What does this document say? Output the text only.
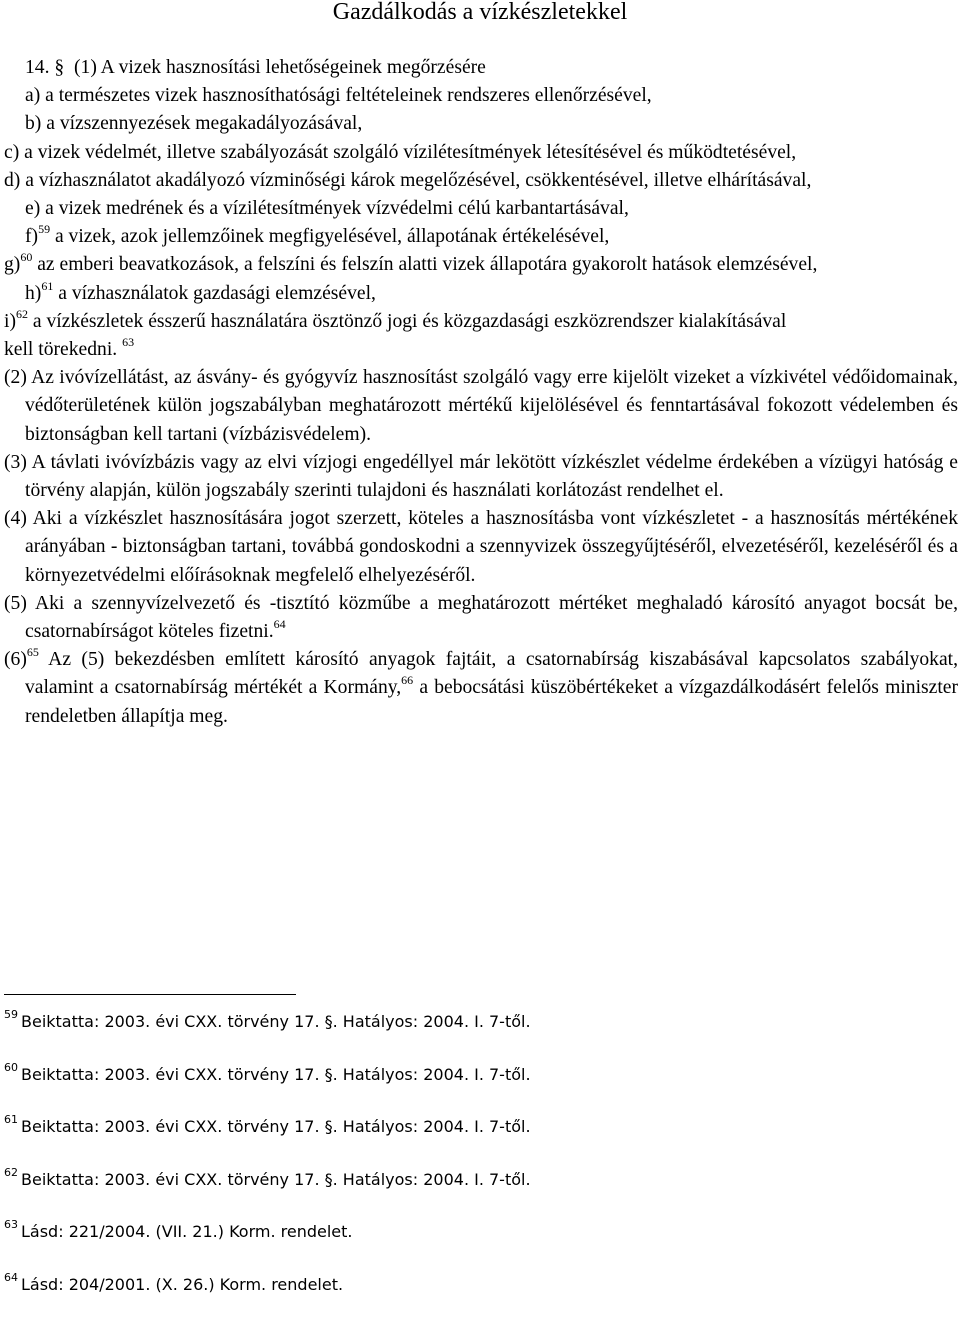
Gazdálkodás a vízkészletekkel

14. § (1) A vizek hasznosítási lehetőségeinek megőrzésére

a) a természetes vizek hasznosíthatósági feltételeinek rendszeres ellenőrzésével,

b) a vízszennyezések megakadályozásával,

c) a vizek védelmét, illetve szabályozását szolgáló vízilétesítmények létesítésével és működtetésével,

d) a vízhasználatot akadályozó vízminőségi károk megelőzésével, csökkentésével, illetve elhárításával,

e) a vizek medrének és a vízilétesítmények vízvédelmi célú karbantartásával,

f)$^{59}$ a vizek, azok jellemzőinek megfigyelésével, állapotának értékelésével,

g)$^{60}$ az emberi beavatkozások, a felszíni és felszín alatti vizek állapotára gyakorolt hatások elemzésével,

h)$^{61}$ a vízhasználatok gazdasági elemzésével,

i)$^{62}$ a vízkészletek ésszerű használatára ösztönző jogi és közgazdasági eszközrendszer kialakításával

kell törekedni. $^{63}$

(2) Az ivóvízellátást, az ásvány- és gyógyvíz hasznosítást szolgáló vagy erre kijelölt vizeket a vízkivétel védőidomainak, védőterületének külön jogszabályban meghatározott mértékű kijelölésével és fenntartásával fokozott védelemben és biztonságban kell tartani (vízbázisvédelem).

(3) A távlati ivóvízbázis vagy az elvi vízjogi engedéllyel már lekötött vízkészlet védelme érdekében a vízügyi hatóság e törvény alapján, külön jogszabály szerinti tulajdoni és használati korlátozást rendelhet el.

(4) Aki a vízkészlet hasznosítására jogot szerzett, köteles a hasznosításba vont vízkészletet - a hasznosítás mértékének arányában - biztonságban tartani, továbbá gondoskodni a szennyvizek összegyűjtéséről, elvezetéséről, kezeléséről és a környezetvédelmi előírásoknak megfelelő elhelyezéséről.

(5) Aki a szennyvízelvezető és -tisztító közműbe a meghatározott mértéket meghaladó károsító anyagot bocsát be, csatornabírságot köteles fizetni.$^{64}$

$(6)^{65}$ Az (5) bekezdésben említett károsító anyagok fajtáit, a csatornabírság kiszabásával kapcsolatos szabályokat, valamint a csatornabírság mértékét a Kormány,$^{66}$ a bebocsátási küszöbértékeket a vízgazdálkodásért felelős miniszter rendeletben állapítja meg.

$^{59}$ Beiktatta: 2003. évi CXX. törvény 17. §. Hatályos: 2004. I. 7-től.
$^{60}$ Beiktatta: 2003. évi CXX. törvény 17. §. Hatályos: 2004. I. 7-től.
$^{61}$ Beiktatta: 2003. évi CXX. törvény 17. §. Hatályos: 2004. I. 7-től.
$^{62}$ Beiktatta: 2003. évi CXX. törvény 17. §. Hatályos: 2004. I. 7-től.
$^{63}$ Lásd: 221/2004. (VII. 21.) Korm. rendelet.
$^{64}$ Lásd: 204/2001. (X. 26.) Korm. rendelet.
